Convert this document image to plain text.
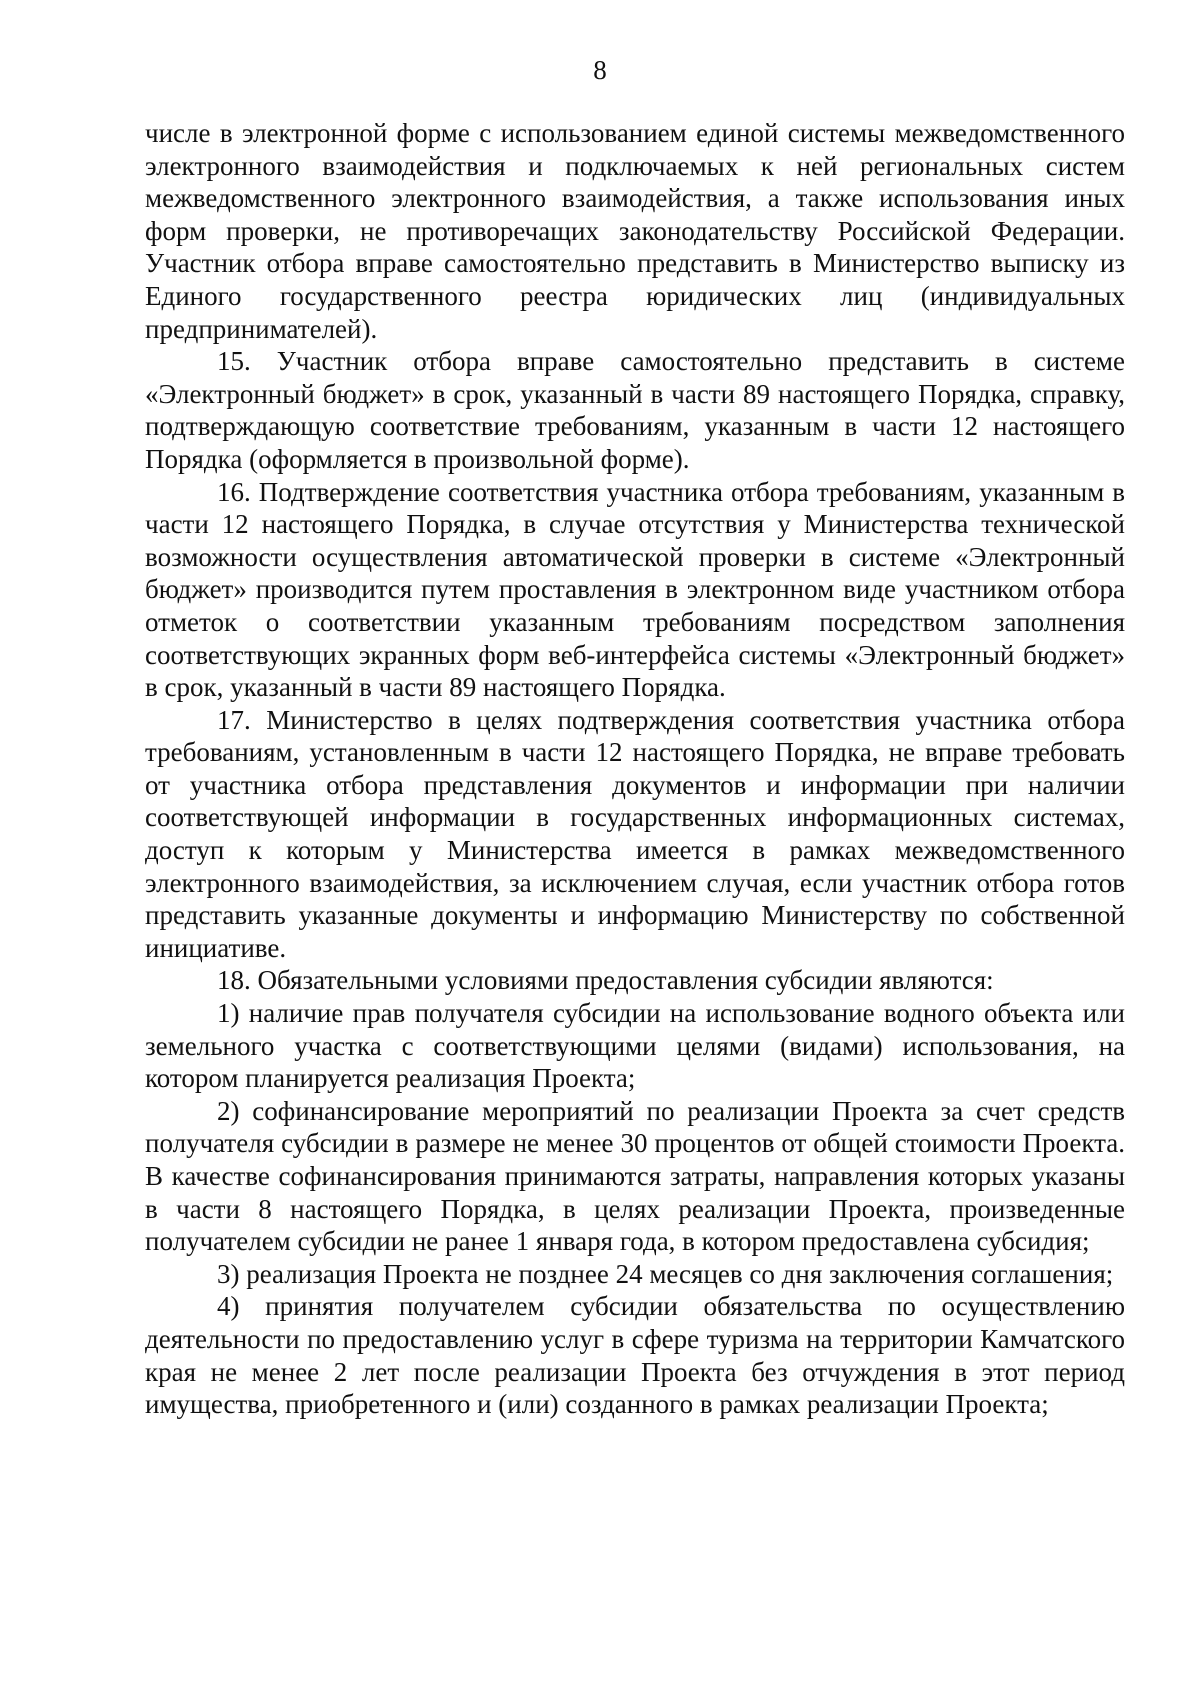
8

числе в электронной форме с использованием единой системы межведомственного электронного взаимодействия и подключаемых к ней региональных систем межведомственного электронного взаимодействия, а также использования иных форм проверки, не противоречащих законодательству Российской Федерации. Участник отбора вправе самостоятельно представить в Министерство выписку из Единого государственного реестра юридических лиц (индивидуальных предпринимателей).

15. Участник отбора вправе самостоятельно представить в системе «Электронный бюджет» в срок, указанный в части 89 настоящего Порядка, справку, подтверждающую соответствие требованиям, указанным в части 12 настоящего Порядка (оформляется в произвольной форме).

16. Подтверждение соответствия участника отбора требованиям, указанным в части 12 настоящего Порядка, в случае отсутствия у Министерства технической возможности осуществления автоматической проверки в системе «Электронный бюджет» производится путем проставления в электронном виде участником отбора отметок о соответствии указанным требованиям посредством заполнения соответствующих экранных форм веб-интерфейса системы «Электронный бюджет» в срок, указанный в части 89 настоящего Порядка.

17. Министерство в целях подтверждения соответствия участника отбора требованиям, установленным в части 12 настоящего Порядка, не вправе требовать от участника отбора представления документов и информации при наличии соответствующей информации в государственных информационных системах, доступ к которым у Министерства имеется в рамках межведомственного электронного взаимодействия, за исключением случая, если участник отбора готов представить указанные документы и информацию Министерству по собственной инициативе.

18. Обязательными условиями предоставления субсидии являются:

1) наличие прав получателя субсидии на использование водного объекта или земельного участка с соответствующими целями (видами) использования, на котором планируется реализация Проекта;

2) софинансирование мероприятий по реализации Проекта за счет средств получателя субсидии в размере не менее 30 процентов от общей стоимости Проекта. В качестве софинансирования принимаются затраты, направления которых указаны в части 8 настоящего Порядка, в целях реализации Проекта, произведенные получателем субсидии не ранее 1 января года, в котором предоставлена субсидия;

3) реализация Проекта не позднее 24 месяцев со дня заключения соглашения;

4) принятия получателем субсидии обязательства по осуществлению деятельности по предоставлению услуг в сфере туризма на территории Камчатского края не менее 2 лет после реализации Проекта без отчуждения в этот период имущества, приобретенного и (или) созданного в рамках реализации Проекта;
